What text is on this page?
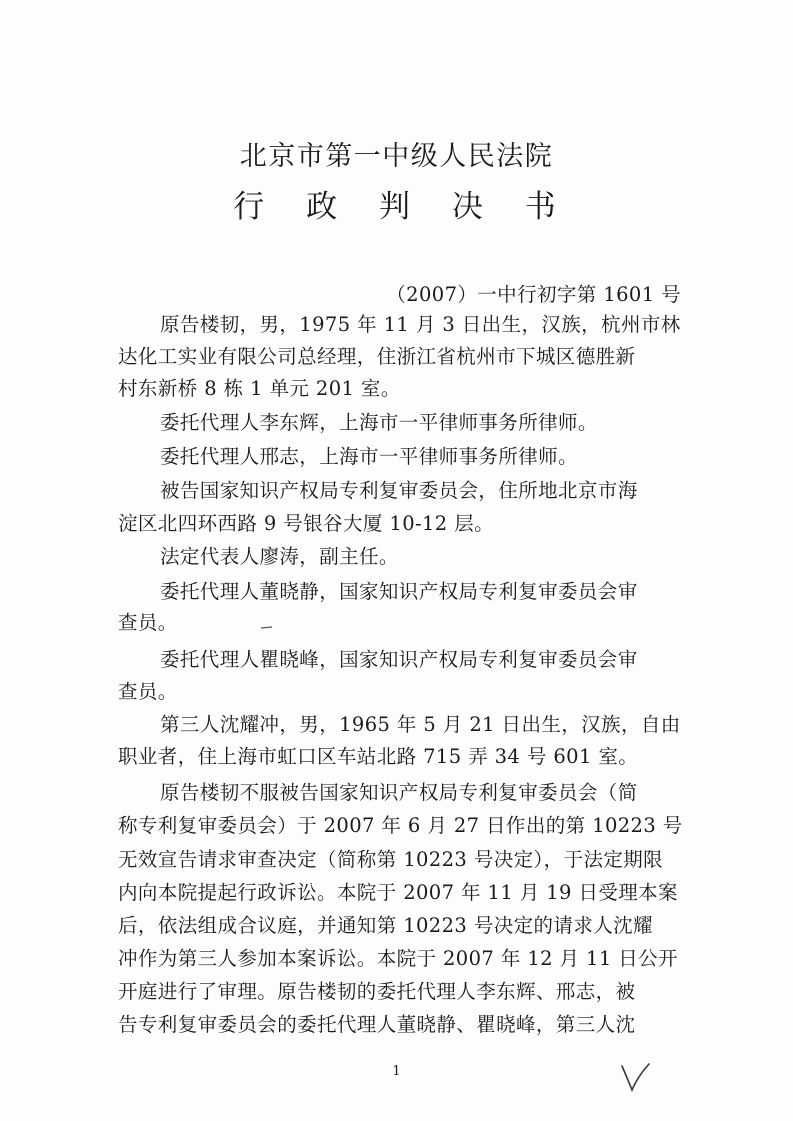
北京市第一中级人民法院
行 政 判 决 书
（2007）一中行初字第 1601 号
原告楼韧，男，1975 年 11 月 3 日出生，汉族，杭州市林
达化工实业有限公司总经理，住浙江省杭州市下城区德胜新
村东新桥 8 栋 1 单元 201 室。
委托代理人李东辉，上海市一平律师事务所律师。
委托代理人邢志，上海市一平律师事务所律师。
被告国家知识产权局专利复审委员会，住所地北京市海
淀区北四环西路 9 号银谷大厦 10-12 层。
法定代表人廖涛，副主任。
委托代理人董晓静，国家知识产权局专利复审委员会审
查员。
委托代理人瞿晓峰，国家知识产权局专利复审委员会审
查员。
第三人沈耀冲，男，1965 年 5 月 21 日出生，汉族，自由
职业者，住上海市虹口区车站北路 715 弄 34 号 601 室。
原告楼韧不服被告国家知识产权局专利复审委员会（简
称专利复审委员会）于 2007 年 6 月 27 日作出的第 10223 号
无效宣告请求审查决定（简称第 10223 号决定），于法定期限
内向本院提起行政诉讼。本院于 2007 年 11 月 19 日受理本案
后，依法组成合议庭，并通知第 10223 号决定的请求人沈耀
冲作为第三人参加本案诉讼。本院于 2007 年 12 月 11 日公开
开庭进行了审理。原告楼韧的委托代理人李东辉、邢志，被
告专利复审委员会的委托代理人董晓静、瞿晓峰，第三人沈
1
